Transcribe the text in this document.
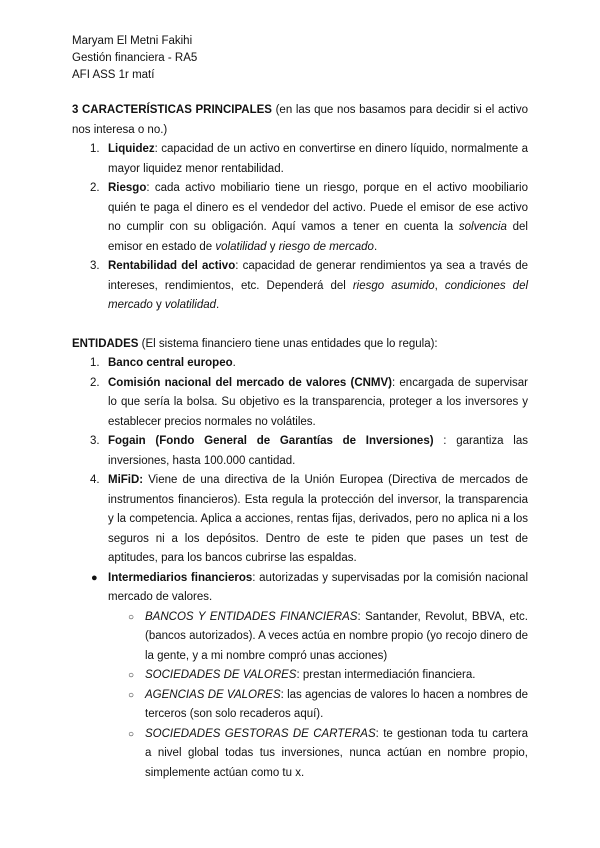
Maryam El Metni Fakihi

Gestión financiera - RA5

AFI ASS 1r matí

3 CARACTERÍSTICAS PRINCIPALES (en las que nos basamos para decidir si el activo nos interesa o no.)

1. Liquidez: capacidad de un activo en convertirse en dinero líquido, normalmente a mayor liquidez menor rentabilidad.
2. Riesgo: cada activo mobiliario tiene un riesgo, porque en el activo moobiliario quién te paga el dinero es el vendedor del activo. Puede el emisor de ese activo no cumplir con su obligación. Aquí vamos a tener en cuenta la solvencia del emisor en estado de volatilidad y riesgo de mercado.
3. Rentabilidad del activo: capacidad de generar rendimientos ya sea a través de intereses, rendimientos, etc. Dependerá del riesgo asumido, condiciones del mercado y volatilidad.

ENTIDADES (El sistema financiero tiene unas entidades que lo regula):

1. Banco central europeo.
2. Comisión nacional del mercado de valores (CNMV): encargada de supervisar lo que sería la bolsa. Su objetivo es la transparencia, proteger a los inversores y establecer precios normales no volátiles.
3. Fogain (Fondo General de Garantías de Inversiones) : garantiza las inversiones, hasta 100.000 cantidad.
4. MiFiD: Viene de una directiva de la Unión Europea (Directiva de mercados de instrumentos financieros). Esta regula la protección del inversor, la transparencia y la competencia. Aplica a acciones, rentas fijas, derivados, pero no aplica ni a los seguros ni a los depósitos. Dentro de este te piden que pases un test de aptitudes, para los bancos cubrirse las espaldas.
● Intermediarios financieros: autorizadas y supervisadas por la comisión nacional mercado de valores.
○ BANCOS Y ENTIDADES FINANCIERAS: Santander, Revolut, BBVA, etc. (bancos autorizados). A veces actúa en nombre propio (yo recojo dinero de la gente, y a mi nombre compró unas acciones)
○ SOCIEDADES DE VALORES: prestan intermediación financiera.
○ AGENCIAS DE VALORES: las agencias de valores lo hacen a nombres de terceros (son solo recaderos aquí).
○ SOCIEDADES GESTORAS DE CARTERAS: te gestionan toda tu cartera a nivel global todas tus inversiones, nunca actúan en nombre propio, simplemente actúan como tu x.
